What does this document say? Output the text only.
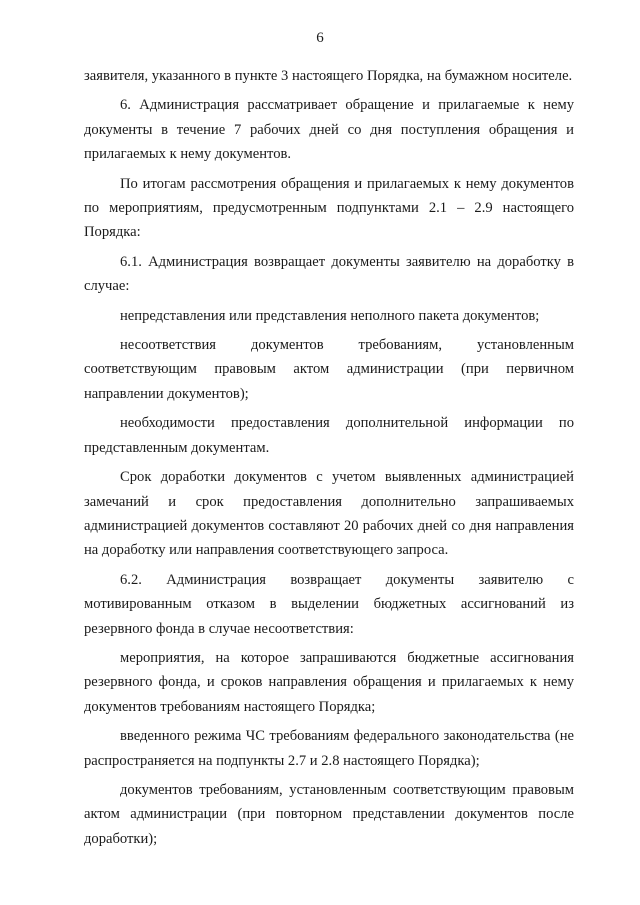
6

заявителя, указанного в пункте 3 настоящего Порядка, на бумажном носителе.

6. Администрация рассматривает обращение и прилагаемые к нему документы в течение 7 рабочих дней со дня поступления обращения и прилагаемых к нему документов.

По итогам рассмотрения обращения и прилагаемых к нему документов по мероприятиям, предусмотренным подпунктами 2.1 – 2.9 настоящего Порядка:

6.1. Администрация возвращает документы заявителю на доработку в случае:

непредставления или представления неполного пакета документов;

несоответствия документов требованиям, установленным соответствующим правовым актом администрации (при первичном направлении документов);

необходимости предоставления дополнительной информации по представленным документам.

Срок доработки документов с учетом выявленных администрацией замечаний и срок предоставления дополнительно запрашиваемых администрацией документов составляют 20 рабочих дней со дня направления на доработку или направления соответствующего запроса.

6.2. Администрация возвращает документы заявителю с мотивированным отказом в выделении бюджетных ассигнований из резервного фонда в случае несоответствия:

мероприятия, на которое запрашиваются бюджетные ассигнования резервного фонда, и сроков направления обращения и прилагаемых к нему документов требованиям настоящего Порядка;

введенного режима ЧС требованиям федерального законодательства (не распространяется на подпункты 2.7 и 2.8 настоящего Порядка);

документов требованиям, установленным соответствующим правовым актом администрации (при повторном представлении документов после доработки);
